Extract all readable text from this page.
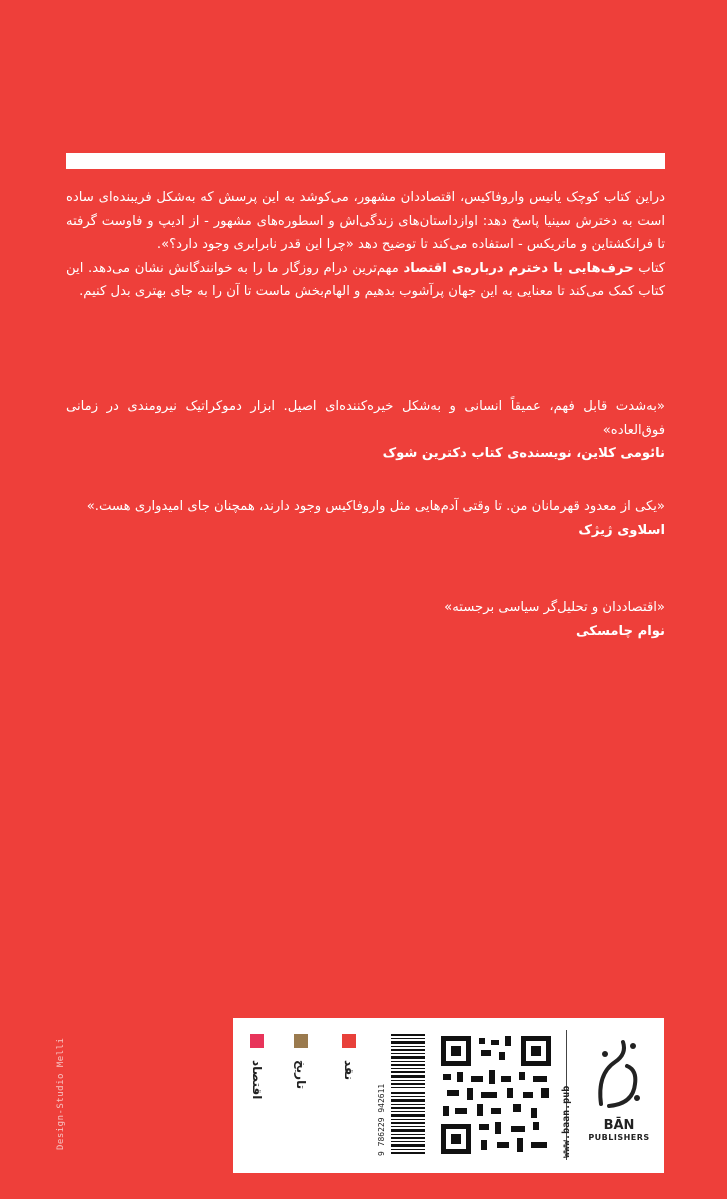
دراین کتاب کوچک یانیس واروفاکیس، اقتصاددان مشهور، می‌کوشد به این پرسش که به‌شکل فریبنده‌ای ساده است به دخترش سینیا پاسخ دهد: اوازداستان‌های زندگی‌اش و اسطوره‌های مشهور - از ادیپ و فاوست گرفته تا فرانکشتاین و ماتریکس - استفاده می‌کند تا توضیح دهد «چرا این قدر نابرابری وجود دارد؟».

کتاب حرف‌هایی با دخترم درباره‌ی اقتصاد مهم‌ترین درام روزگار ما را به خوانندگانش نشان می‌دهد. این کتاب کمک می‌کند تا معنایی به این جهان پرآشوب بدهیم و الهام‌بخش ماست تا آن را به جای بهتری بدل کنیم.

«به‌شدت قابل فهم، عمیقاً انسانی و به‌شکل خیره‌کننده‌ای اصیل. ابزار دموکراتیک نیرومندی در زمانی فوق‌العاده»

نائومی کلاین، نویسنده‌ی کتاب دکترین شوک

«یکی از معدود قهرمانان من. تا وقتی آدم‌هایی مثل واروفاکیس وجود دارند، همچنان جای امیدواری هست.»

اسلاوی ژیژک

«اقتصاددان و تحلیل‌گر سیاسی برجسته»

نوام چامسکی

Design-Studio Melli	اقتصاد	تاریخ	نقد
9 786229 942611	www.baan.pub	BĀN
PUBLISHERS
